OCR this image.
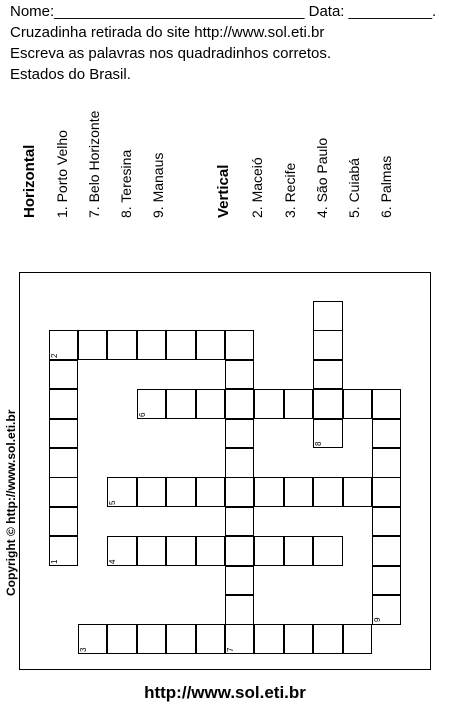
Nome:______________________________ Data: __________.
Cruzadinha retirada do site http://www.sol.eti.br
Escreva as palavras nos quadradinhos corretos.
Estados do Brasil.
Horizontal 1. Porto Velho 7. Belo Horizonte 8. Teresina 9. Manaus	Vertical 2. Maceió 3. Recife 4. São Paulo 5. Cuiabá 6. Palmas
2
6
8
5
1	4
9
3	7
Copyright © http://www.sol.eti.br
http://www.sol.eti.br
